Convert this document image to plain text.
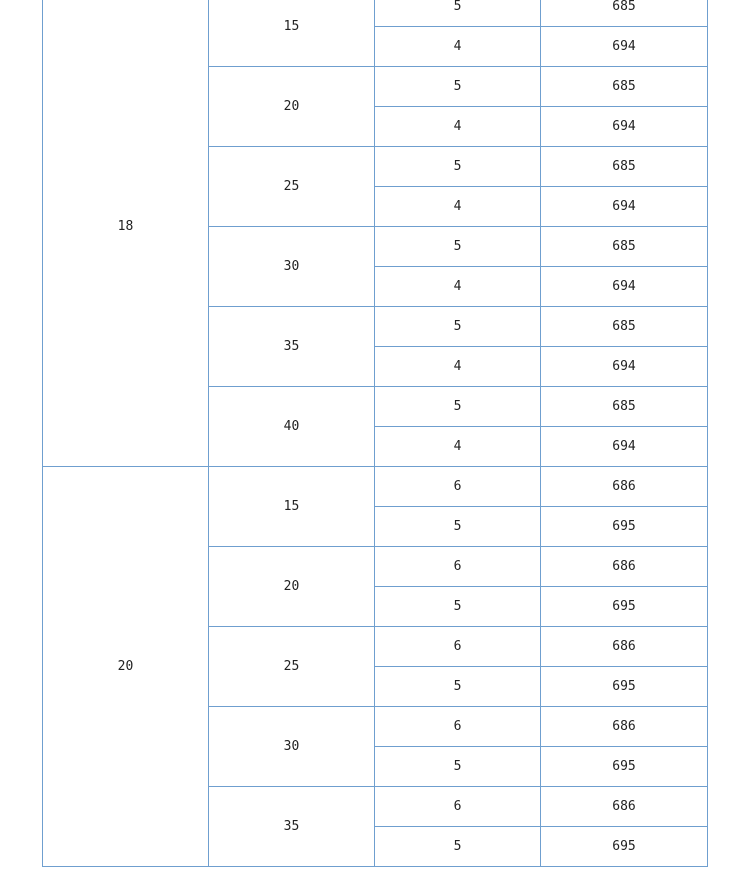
18	15	5	685
		4	694
	20	5	685
		4	694
	25	5	685
		4	694
	30	5	685
		4	694
	35	5	685
		4	694
	40	5	685
		4	694
20	15	6	686
		5	695
	20	6	686
		5	695
	25	6	686
		5	695
	30	6	686
		5	695
	35	6	686
		5	695
